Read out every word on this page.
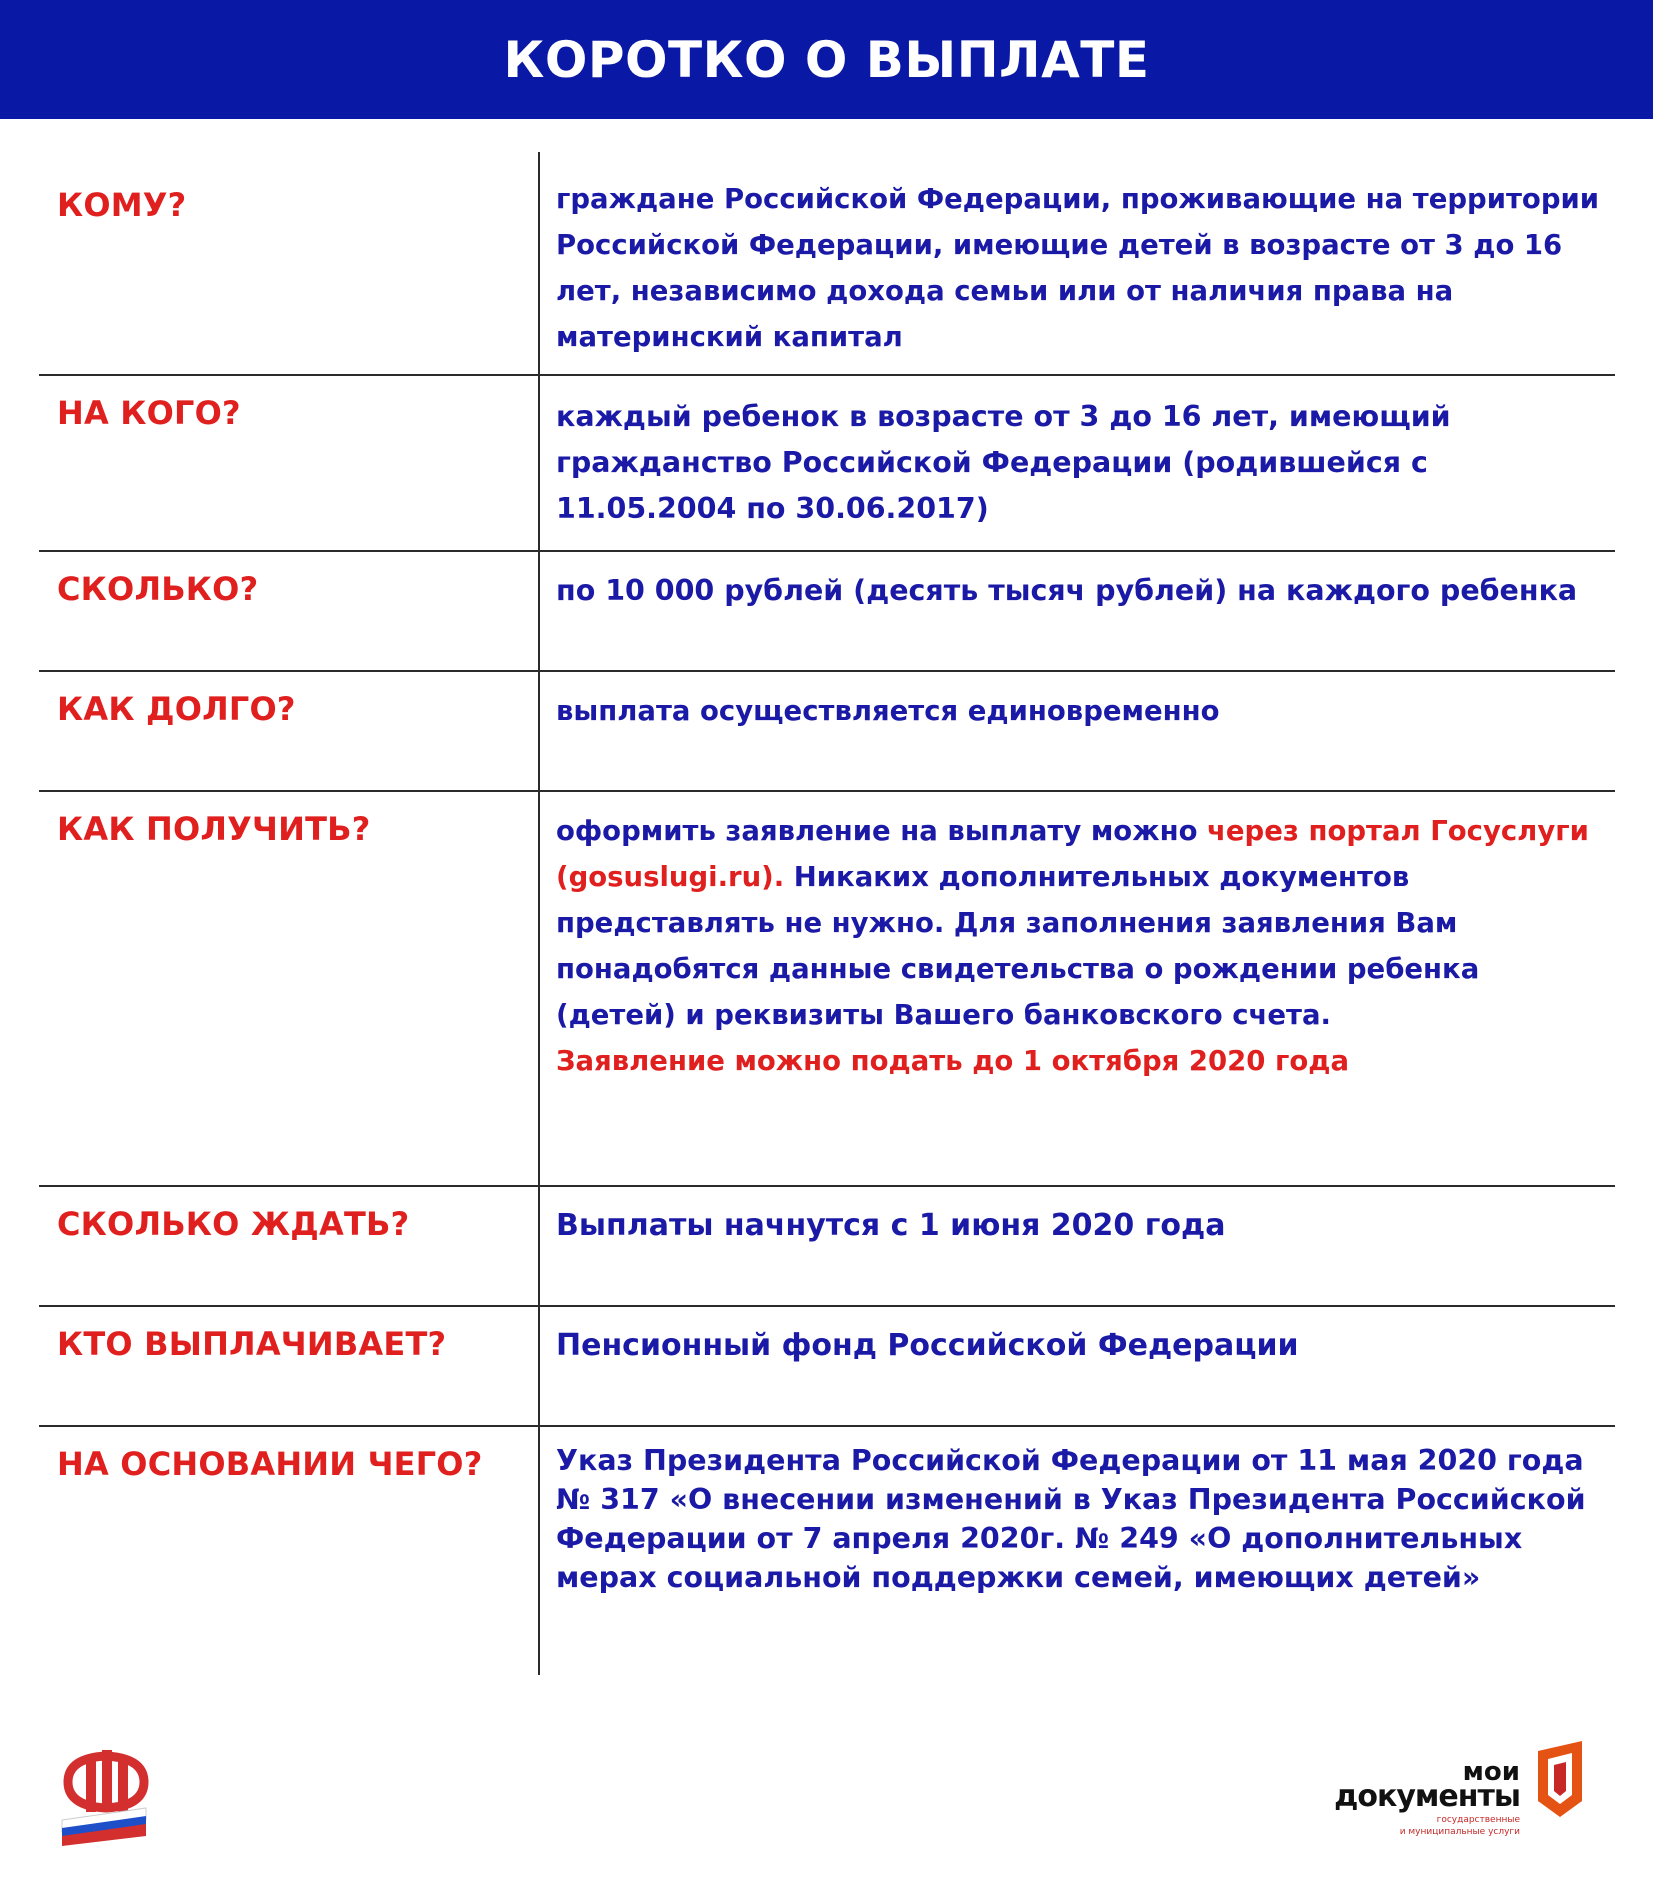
КОРОТКО О ВЫПЛАТЕ
КОМУ?	граждане Российской Федерации, проживающие на территории Российской Федерации, имеющие детей в возрасте от 3 до 16 лет, независимо дохода семьи или от наличия права на материнский капитал
НА КОГО?	каждый ребенок в возрасте от 3 до 16 лет, имеющий гражданство Российской Федерации (родившейся с 11.05.2004 по 30.06.2017)
СКОЛЬКО?	по 10 000 рублей (десять тысяч рублей) на каждого ребенка
КАК ДОЛГО?	выплата осуществляется единовременно
КАК ПОЛУЧИТЬ?	оформить заявление на выплату можно через портал Госуслуги (gosuslugi.ru). Никаких дополнительных документов представлять не нужно. Для заполнения заявления Вам понадобятся данные свидетельства о рождении ребенка (детей) и реквизиты Вашего банковского счета.
Заявление можно подать до 1 октября 2020 года
СКОЛЬКО ЖДАТЬ?	Выплаты начнутся с 1 июня 2020 года
КТО ВЫПЛАЧИВАЕТ?	Пенсионный фонд Российской Федерации
НА ОСНОВАНИИ ЧЕГО?	Указ Президента Российской Федерации от 11 мая 2020 года № 317 «О внесении изменений в Указ Президента Российской Федерации от 7 апреля 2020г. № 249 «О дополнительных мерах социальной поддержки семей, имеющих детей»
мои
документы
государственные
и муниципальные услуги
